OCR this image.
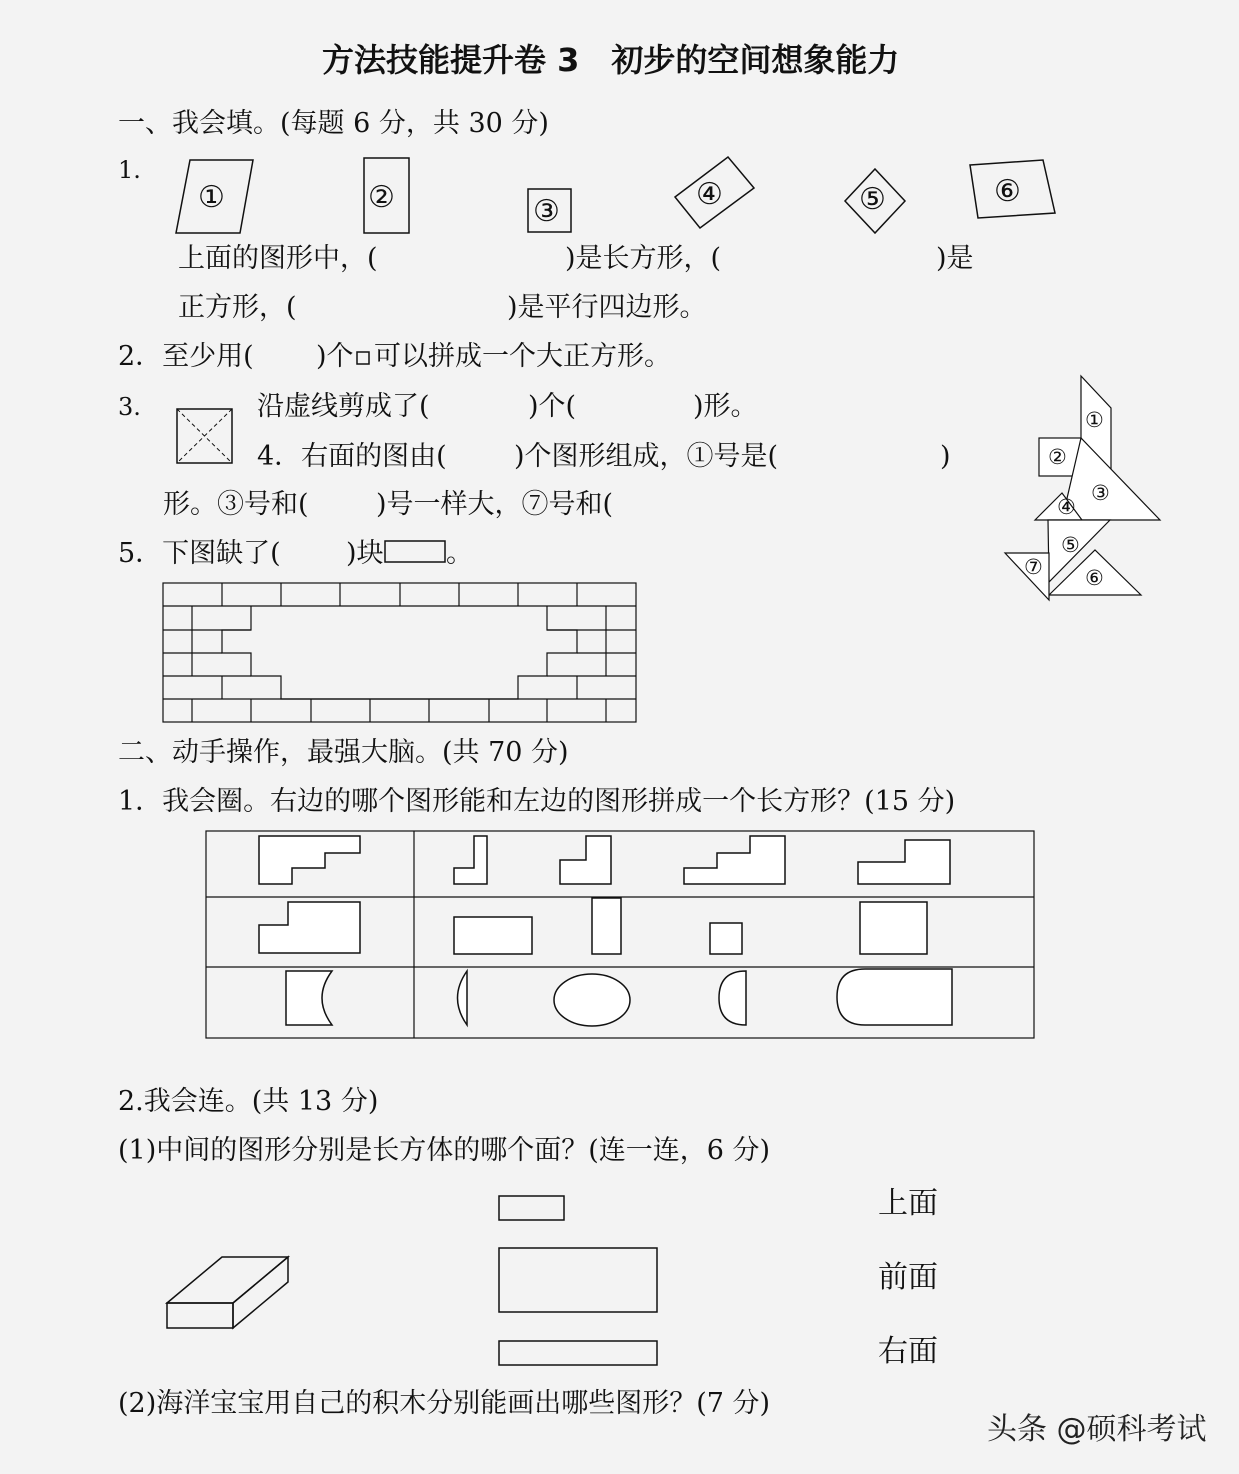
方法技能提升卷 3　初步的空间想象能力
一、我会填。(每题 6 分，共 30 分)
1.
①	②	③	④	⑤	⑥
上面的图形中，(	)是长方形，(	)是
正方形，(	)是平行四边形。
2．至少用( )个 可以拼成一个大正方形。
3.	沿虚线剪成了(	)个(	)形。
4．右面的图由( )个图形组成，①号是(	)
形。③号和( )号一样大，⑦号和(
①
②
③
④
⑤
⑥
⑦
5．下图缺了( )块 。
二、动手操作，最强大脑。(共 70 分)
1．我会圈。右边的哪个图形能和左边的图形拼成一个长方形？(15 分)
2.我会连。(共 13 分)
(1)中间的图形分别是长方体的哪个面？(连一连，6 分)
上面
前面
右面
(2)海洋宝宝用自己的积木分别能画出哪些图形？(7 分)
头条 @硕科考试
